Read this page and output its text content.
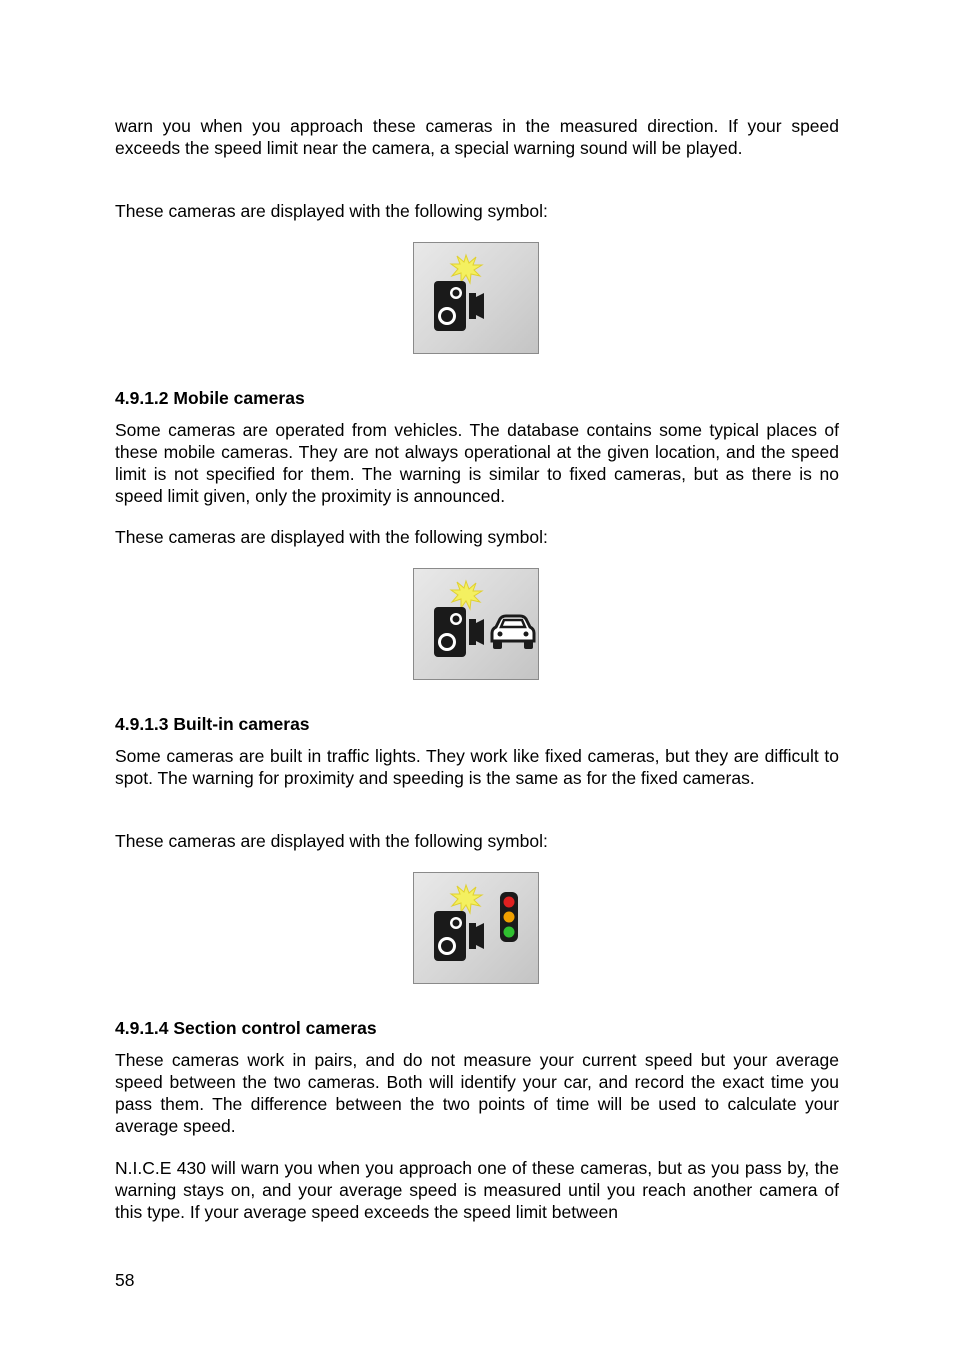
warn you when you approach these cameras in the measured direction. If your speed exceeds the speed limit near the camera, a special warning sound will be played.

These cameras are displayed with the following symbol:

4.9.1.2 Mobile cameras

Some cameras are operated from vehicles. The database contains some typical places of these mobile cameras. They are not always operational at the given location, and the speed limit is not specified for them. The warning is similar to fixed cameras, but as there is no speed limit given, only the proximity is announced.

These cameras are displayed with the following symbol:

4.9.1.3 Built-in cameras

Some cameras are built in traffic lights. They work like fixed cameras, but they are difficult to spot. The warning for proximity and speeding is the same as for the fixed cameras.

These cameras are displayed with the following symbol:

4.9.1.4 Section control cameras

These cameras work in pairs, and do not measure your current speed but your average speed between the two cameras. Both will identify your car, and record the exact time you pass them. The difference between the two points of time will be used to calculate your average speed.

N.I.C.E 430 will warn you when you approach one of these cameras, but as you pass by, the warning stays on, and your average speed is measured until you reach another camera of this type. If your average speed exceeds the speed limit between

58
